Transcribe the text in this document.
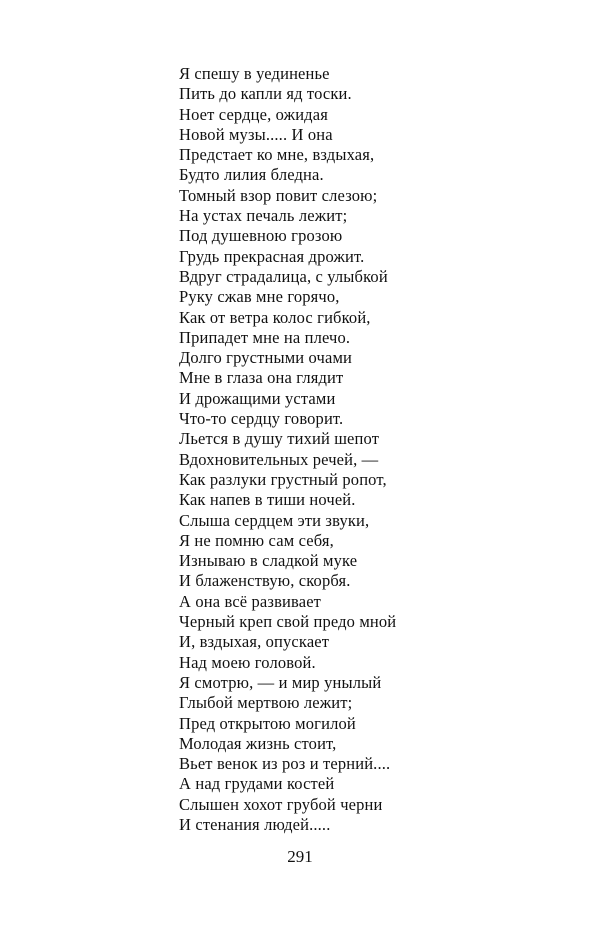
Я спешу в уединенье
Пить до капли яд тоски.
Ноет сердце, ожидая
Новой музы..... И она
Предстает ко мне, вздыхая,
Будто лилия бледна.
Томный взор повит слезою;
На устах печаль лежит;
Под душевною грозою
Грудь прекрасная дрожит.
Вдруг страдалица, с улыбкой
Руку сжав мне горячо,
Как от ветра колос гибкой,
Припадет мне на плечо.
Долго грустными очами
Мне в глаза она глядит
И дрожащими устами
Что-то сердцу говорит.
Льется в душу тихий шепот
Вдохновительных речей, —
Как разлуки грустный ропот,
Как напев в тиши ночей.
Слыша сердцем эти звуки,
Я не помню сам себя,
Изнываю в сладкой муке
И блаженствую, скорбя.
А она всё развивает
Черный креп свой предо мной
И, вздыхая, опускает
Над моею головой.
Я смотрю, — и мир унылый
Глыбой мертвою лежит;
Пред открытою могилой
Молодая жизнь стоит,
Вьет венок из роз и терний....
А над грудами костей
Слышен хохот грубой черни
И стенания людей.....
291
